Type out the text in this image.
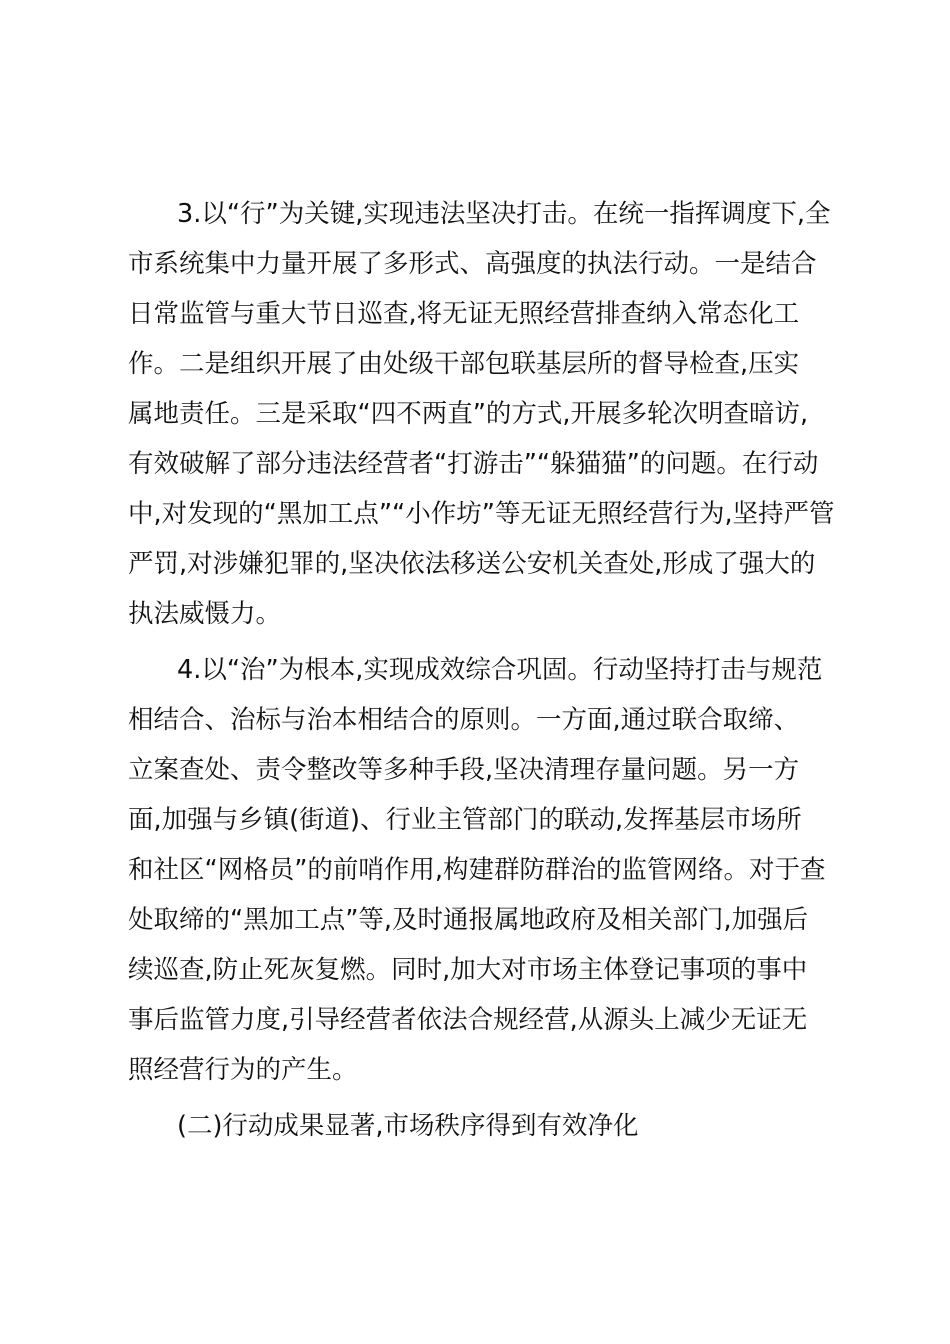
3.以“行”为关键,实现违法坚决打击。在统一指挥调度下,全
市系统集中力量开展了多形式、高强度的执法行动。一是结合
日常监管与重大节日巡查,将无证无照经营排查纳入常态化工
作。二是组织开展了由处级干部包联基层所的督导检查,压实
属地责任。三是采取“四不两直”的方式,开展多轮次明查暗访,
有效破解了部分违法经营者“打游击”“躲猫猫”的问题。在行动
中,对发现的“黑加工点”“小作坊”等无证无照经营行为,坚持严管
严罚,对涉嫌犯罪的,坚决依法移送公安机关查处,形成了强大的
执法威慑力。
4.以“治”为根本,实现成效综合巩固。行动坚持打击与规范
相结合、治标与治本相结合的原则。一方面,通过联合取缔、
立案查处、责令整改等多种手段,坚决清理存量问题。另一方
面,加强与乡镇(街道)、行业主管部门的联动,发挥基层市场所
和社区“网格员”的前哨作用,构建群防群治的监管网络。对于查
处取缔的“黑加工点”等,及时通报属地政府及相关部门,加强后
续巡查,防止死灰复燃。同时,加大对市场主体登记事项的事中
事后监管力度,引导经营者依法合规经营,从源头上减少无证无
照经营行为的产生。
(二)行动成果显著,市场秩序得到有效净化
